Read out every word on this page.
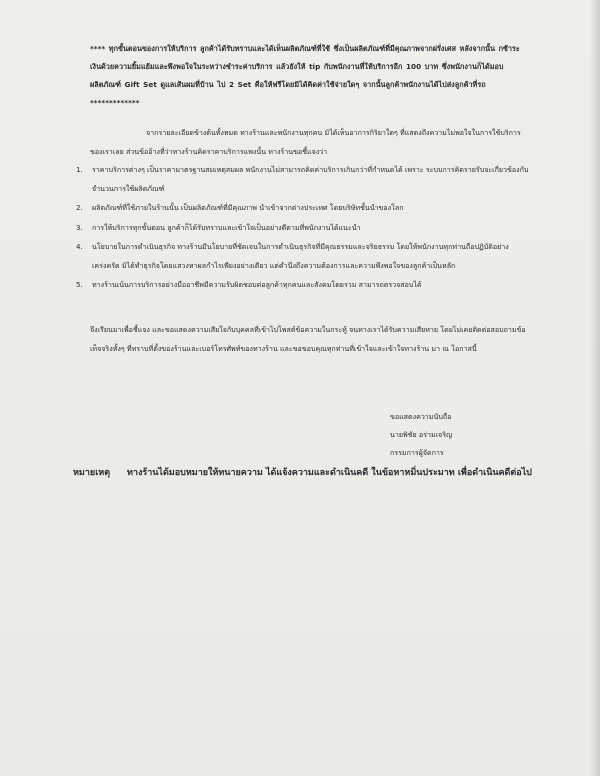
**** ทุกขั้นตอนของการให้บริการ ลูกค้าได้รับทราบและได้เห็นผลิตภัณฑ์ที่ใช้ ซึ่งเป็นผลิตภัณฑ์ที่มีคุณภาพจากฝรั่งเศส หลังจากนั้น กซ้าระเงินด้วยความยิ้มแย้มและพึงพอใจในระหว่างชำระค่าบริการ แล้วยังให้ tip กับพนักงานที่ให้บริการอีก 100 บาท ซึ่งพนักงานก็ได้มอบผลิตภัณฑ์ Gift Set ดูแลเส้นผมที่บ้าน ไป 2 Set คือให้ฟรีโดยมิได้คิดค่าใช้จ่ายใดๆ จากนั้นลูกค้าพนักงานได้ไปส่งลูกค้าที่รถ *************
จากรายละเอียดข้างต้นทั้งหมด ทางร้านและพนักงานทุกคน มิได้เห็นอาการกิริยาใดๆ ที่แสดงถึงความไม่พอใจในการใช้บริการของเราเลย ส่วนข้ออ้างที่ว่าทางร้านคิดราคาบริการแพงนั้น ทางร้านขอชี้แจงว่า
1.	ราคาบริการต่างๆ เป็นราคามาตรฐานสมเหตุสมผล พนักงานไม่สามารถคิดค่าบริการเกินกว่าที่กำหนดได้ เพราะ ระบบการคิดรายรับจะเกี่ยวข้องกับจำนวนการใช้ผลิตภัณฑ์
2.	ผลิตภัณฑ์ที่ใช้ภายในร้านนั้น เป็นผลิตภัณฑ์ที่มีคุณภาพ นำเข้าจากต่างประเทศ โดยบริษัทชั้นนำของโลก
3.	การให้บริการทุกขั้นตอน ลูกค้าก็ได้รับทราบและเข้าใจเป็นอย่างดีตามที่พนักงานได้แนะนำ
4.	นโยบายในการดำเนินธุรกิจ ทางร้านมีนโยบายที่ชัดเจนในการดำเนินธุรกิจที่มีคุณธรรมและจริยธรรม โดยให้พนักงานทุกท่านถือปฏิบัติอย่างเคร่งครัด มิได้ทำธุรกิจโดยแสวงหาผลกำไรเพียงอย่างเดียว แต่คำนึงถึงความต้องการและความพึงพอใจของลูกค้าเป็นหลัก
5.	ทางร้านเน้นการบริการอย่างมืออาชีพมีความรับผิดชอบต่อลูกค้าทุกคนและสังคมโดยรวม สามารถตรวจสอบได้
จึงเรียนมาเพื่อชี้แจง และขอแสดงความเสียใจกับบุคคลที่เข้าไปโพสต์ข้อความในกระทู้ จนทางเราได้รับความเสียหาย โดยไม่เคยติดต่อสอบถามข้อเท็จจริงทั้งๆ ที่ทราบที่ตั้งของร้านและเบอร์โทรศัพท์ของทางร้าน และขอขอบคุณทุกท่านที่เข้าใจและเข้าใจทางร้าน มา ณ โอกาสนี้
ขอแสดงความนับถือ
นายพิชัย อร่ามเจริญ
กรรมการผู้จัดการ
หมายเหตุ	ทางร้านได้มอบหมายให้ทนายความ ได้แจ้งความและดำเนินคดี ในข้อหาหมิ่นประมาท เพื่อดำเนินคดีต่อไป
